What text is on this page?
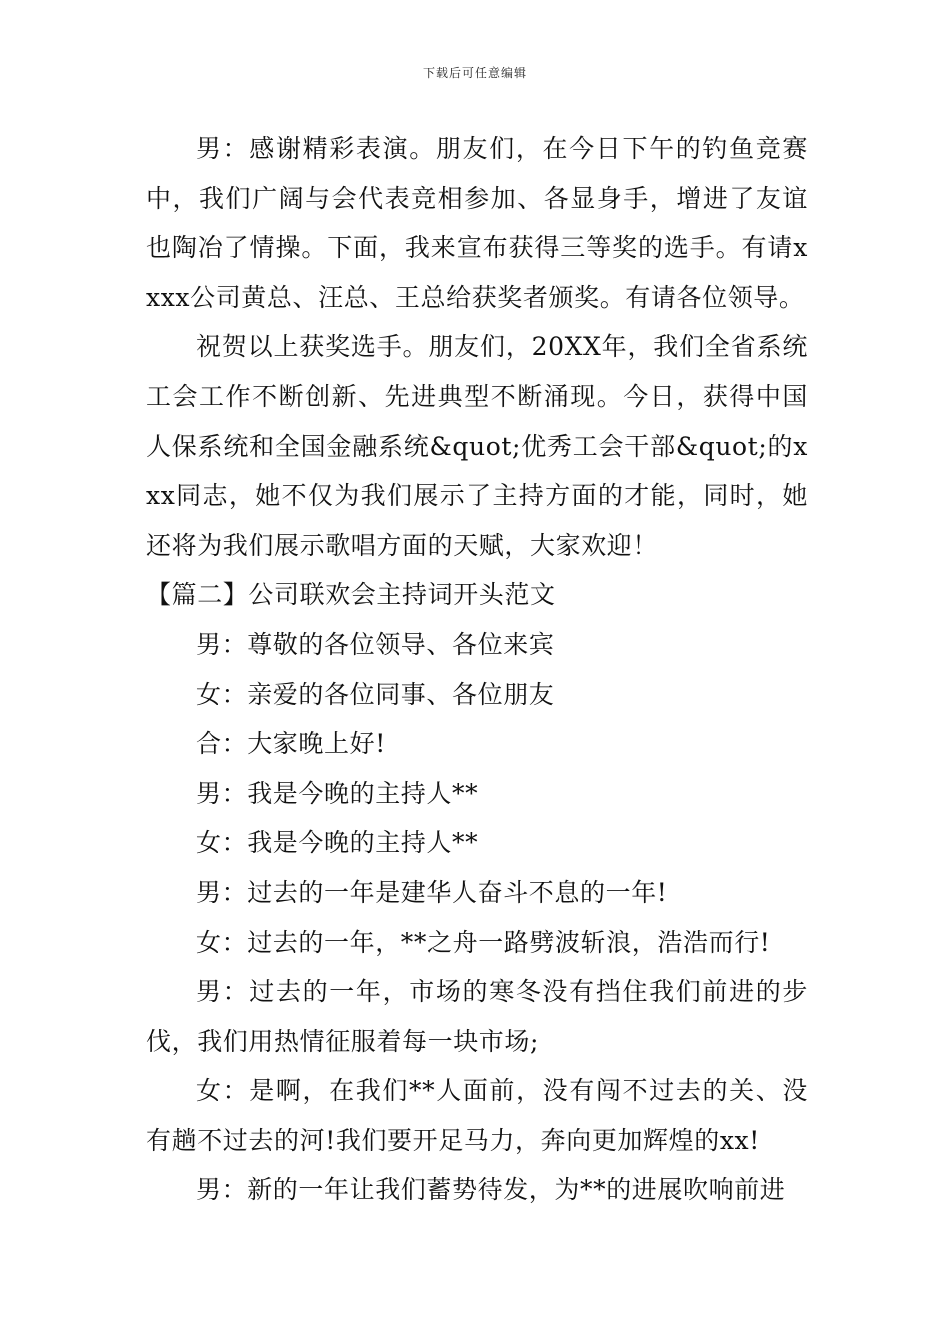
下载后可任意编辑

男：感谢精彩表演。朋友们，在今日下午的钓鱼竞赛中，我们广阔与会代表竞相参加、各显身手，增进了友谊也陶冶了情操。下面，我来宣布获得三等奖的选手。有请xxxx公司黄总、汪总、王总给获奖者颁奖。有请各位领导。

祝贺以上获奖选手。朋友们，20XX年，我们全省系统工会工作不断创新、先进典型不断涌现。今日，获得中国人保系统和全国金融系统&quot;优秀工会干部&quot;的xxx同志，她不仅为我们展示了主持方面的才能，同时，她还将为我们展示歌唱方面的天赋，大家欢迎！

【篇二】公司联欢会主持词开头范文

男：尊敬的各位领导、各位来宾

女：亲爱的各位同事、各位朋友

合：大家晚上好!

男：我是今晚的主持人**

女：我是今晚的主持人**

男：过去的一年是建华人奋斗不息的一年!

女：过去的一年，**之舟一路劈波斩浪，浩浩而行!

男：过去的一年，市场的寒冬没有挡住我们前进的步伐，我们用热情征服着每一块市场;

女：是啊，在我们**人面前，没有闯不过去的关、没有趟不过去的河!我们要开足马力，奔向更加辉煌的xx!

男：新的一年让我们蓄势待发，为**的进展吹响前进
